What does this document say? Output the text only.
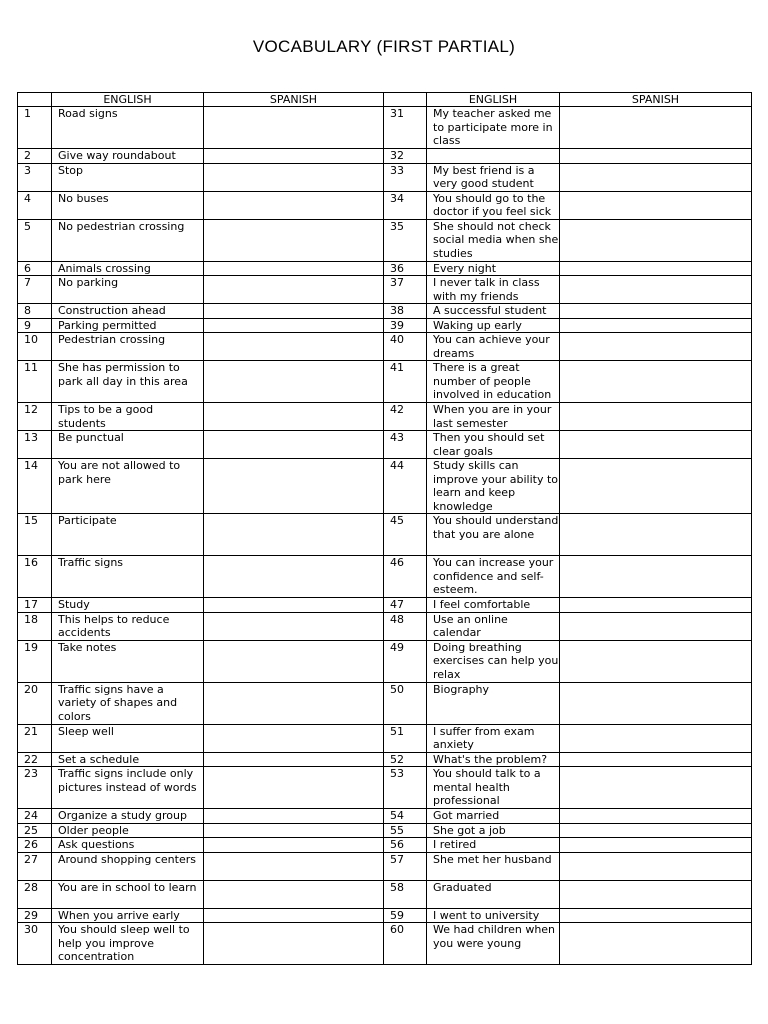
VOCABULARY (FIRST PARTIAL)
	ENGLISH	SPANISH		ENGLISH	SPANISH
1	Road signs		31	My teacher asked me to participate more in class	
2	Give way roundabout		32		
3	Stop		33	My best friend is a very good student	
4	No buses		34	You should go to the doctor if you feel sick	
5	No pedestrian crossing		35	She should not check social media when she studies	
6	Animals crossing		36	Every night	
7	No parking		37	I never talk in class with my friends	
8	Construction ahead		38	A successful student	
9	Parking permitted		39	Waking up early	
10	Pedestrian crossing		40	You can achieve your dreams	
11	She has permission to park all day in this area		41	There is a great number of people involved in education	
12	Tips to be a good students		42	When you are in your last semester	
13	Be punctual		43	Then you should set clear goals	
14	You are not allowed to park here		44	Study skills can improve your ability to learn and keep knowledge	
15	Participate		45	You should understand that you are alone	
16	Traffic signs		46	You can increase your confidence and self-esteem.	
17	Study		47	I feel comfortable	
18	This helps to reduce accidents		48	Use an online calendar	
19	Take notes		49	Doing breathing exercises can help you relax	
20	Traffic signs have a variety of shapes and colors		50	Biography	
21	Sleep well		51	I suffer from exam anxiety	
22	Set a schedule		52	What's the problem?	
23	Traffic signs include only pictures instead of words		53	You should talk to a mental health professional	
24	Organize a study group		54	Got married	
25	Older people		55	She got a job	
26	Ask questions		56	I retired	
27	Around shopping centers		57	She met her husband	
28	You are in school to learn		58	Graduated	
29	When you arrive early		59	I went to university	
30	You should sleep well to help you improve concentration		60	We had children when you were young	
